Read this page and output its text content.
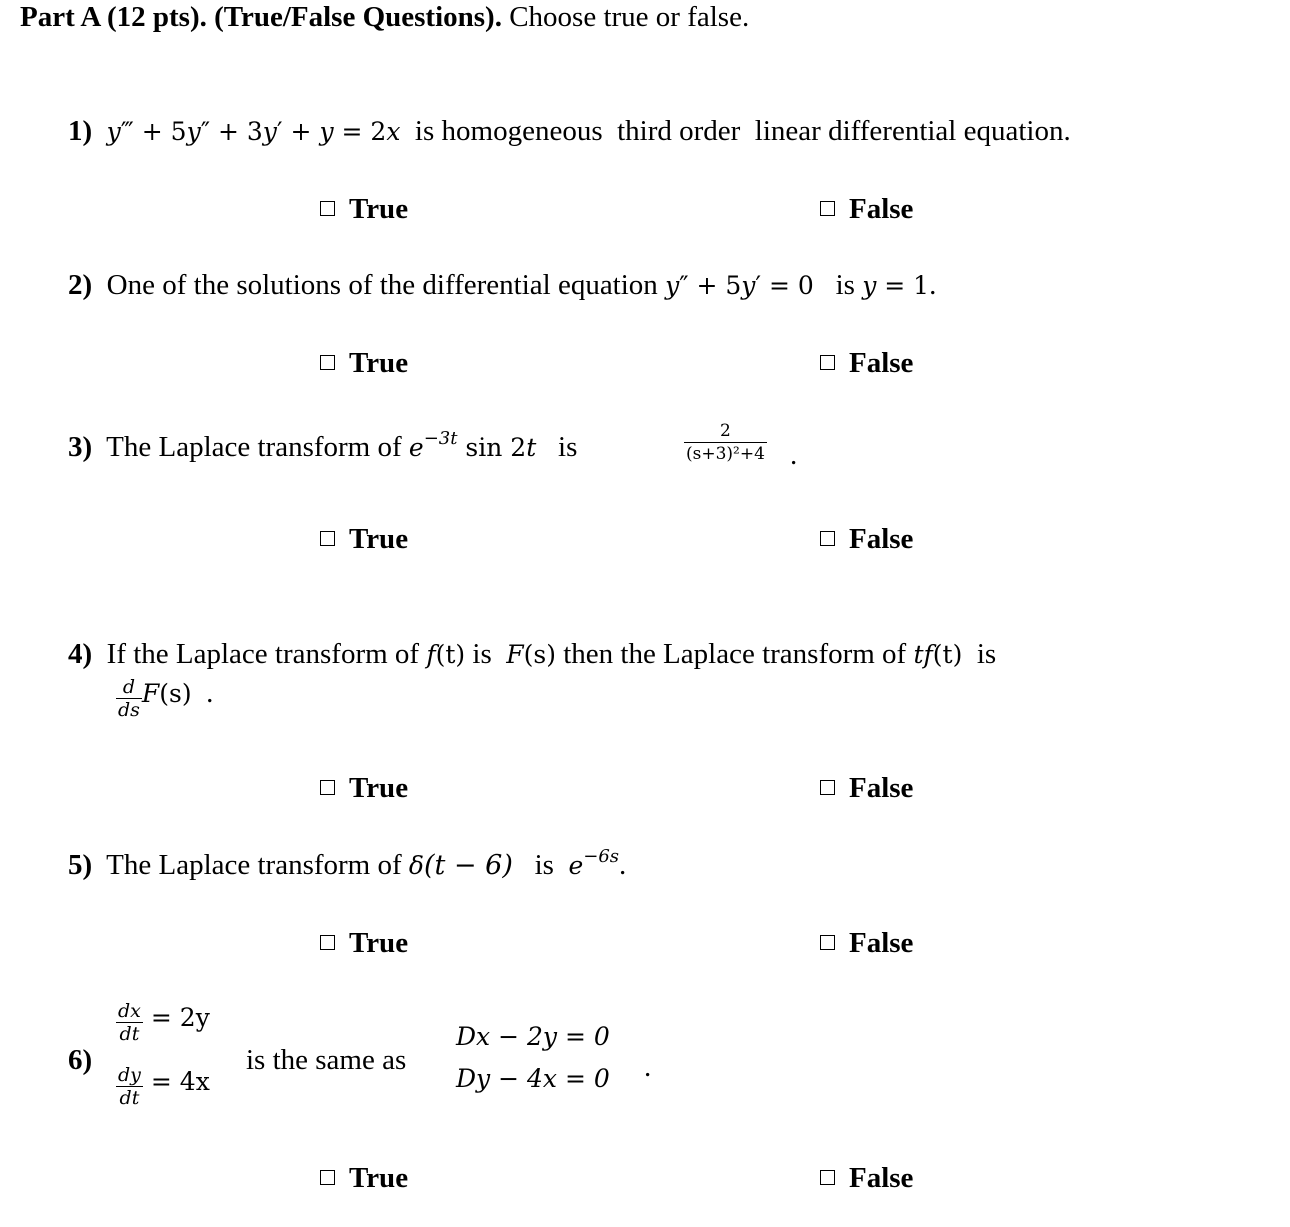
Part A (12 pts). (True/False Questions). Choose true or false.
1) y‴ + 5y″ + 3y′ + y = 2x  is homogeneous  third order  linear differential equation.
True	False
2) One of the solutions of the differential equation y″ + 5y′ = 0   is y = 1.
True	False
3) The Laplace transform of $e^{-3t}$ sin 2t   is	$\frac{2}{\text{(s+3)²+4}}$ .
True	False
4) If the Laplace transform of f(t) is  F(s) then the Laplace transform of tf(t)  is
$\frac{d}{ds} F(s)$  .
True	False
5) The Laplace transform of δ(t − 6)   is  $e^{-6s}$.
True	False
6)
$\frac{dx}{dt} = 2y$
$\frac{dy}{dt} = 4x$
is the same as
Dx − 2y = 0
Dy − 4x = 0 .
True	False
